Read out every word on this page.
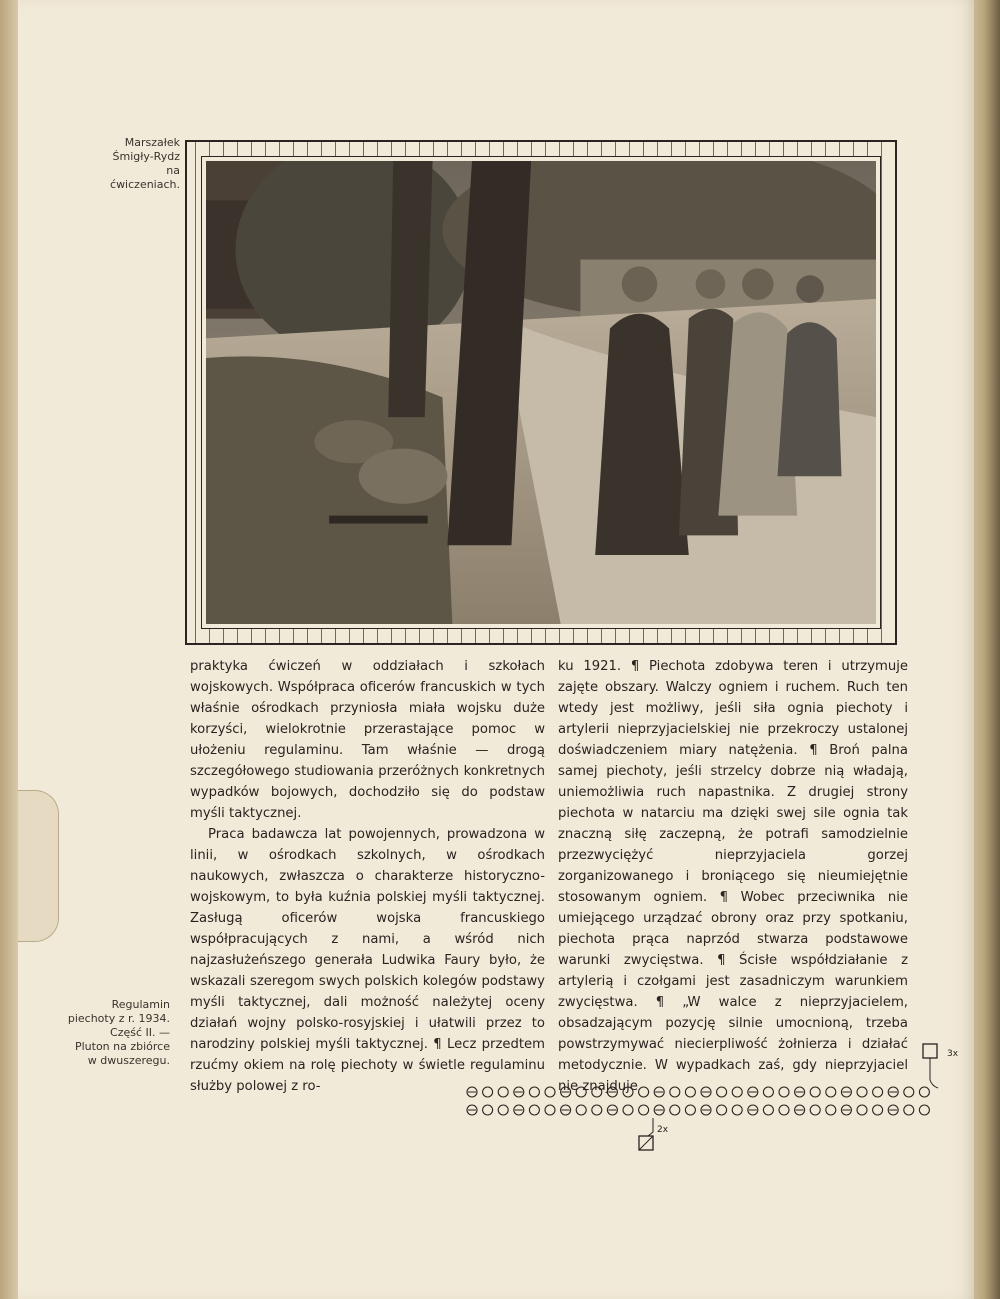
Marszałek
Śmigły-Rydz
na
ćwiczeniach.

praktyka ćwiczeń w oddziałach i szkołach wojskowych. Współpraca oficerów francuskich w tych właśnie ośrodkach przyniosła miała wojsku duże korzyści, wielokrotnie przerastające pomoc w ułożeniu regulaminu. Tam właśnie — drogą szczegółowego studiowania przeróżnych konkretnych wypadków bojowych, dochodziło się do podstaw myśli taktycznej.

Praca badawcza lat powojennych, prowadzona w linii, w ośrodkach szkolnych, w ośrodkach naukowych, zwłaszcza o charakterze historyczno-wojskowym, to była kuźnia polskiej myśli taktycznej. Zasługą oficerów wojska francuskiego współpracujących z nami, a wśród nich najzasłużeńszego generała Ludwika Faury było, że wskazali szeregom swych polskich kolegów podstawy myśli taktycznej, dali możność należytej oceny działań wojny polsko-rosyjskiej i ułatwili przez to narodziny polskiej myśli taktycznej. ¶ Lecz przedtem rzućmy okiem na rolę piechoty w świetle regulaminu służby polowej z ro-

ku 1921. ¶ Piechota zdobywa teren i utrzymuje zajęte obszary. Walczy ogniem i ruchem. Ruch ten wtedy jest możliwy, jeśli siła ognia piechoty i artylerii nieprzyjacielskiej nie przekroczy ustalonej doświadczeniem miary natężenia. ¶ Broń palna samej piechoty, jeśli strzelcy dobrze nią władają, uniemożliwia ruch napastnika. Z drugiej strony piechota w natarciu ma dzięki swej sile ognia tak znaczną siłę zaczepną, że potrafi samodzielnie przezwyciężyć nieprzyjaciela gorzej zorganizowanego i broniącego się nieumiejętnie stosowanym ogniem. ¶ Wobec przeciwnika nie umiejącego urządzać obrony oraz przy spotkaniu, piechota prąca naprzód stwarza podstawowe warunki zwycięstwa. ¶ Ścisłe współdziałanie z artylerią i czołgami jest zasadniczym warunkiem zwycięstwa. ¶ „W walce z nieprzyjacielem, obsadzającym pozycję silnie umocnioną, trzeba powstrzymywać niecierpliwość żołnierza i działać metodycznie. W wypadkach zaś, gdy nieprzyjaciel nie znajduje

Regulamin
piechoty z r. 1934.
Część II. —
Pluton na zbiórce
w dwuszeregu.	3x
2x
